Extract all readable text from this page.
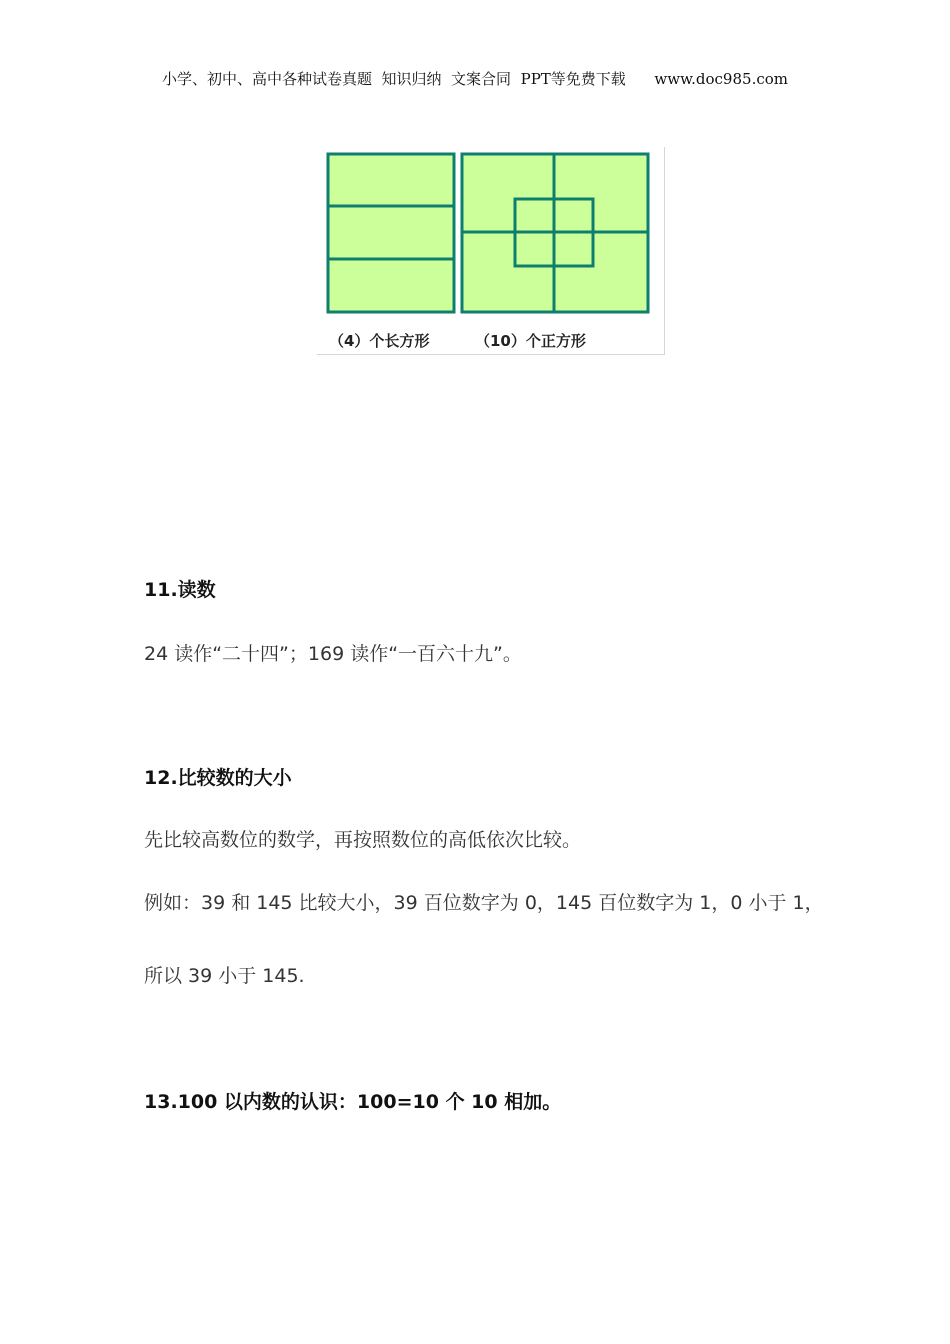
小学、初中、高中各种试卷真题  知识归纳  文案合同  PPT等免费下载      www.doc985.com
（4）个长方形	（10）个正方形
11.读数
24 读作“二十四”；169 读作“一百六十九”。
12.比较数的大小
先比较高数位的数学，再按照数位的高低依次比较。
例如：39 和 145 比较大小，39 百位数字为 0，145 百位数字为 1，0 小于 1，
所以 39 小于 145.
13.100 以内数的认识：100=10 个 10 相加。
